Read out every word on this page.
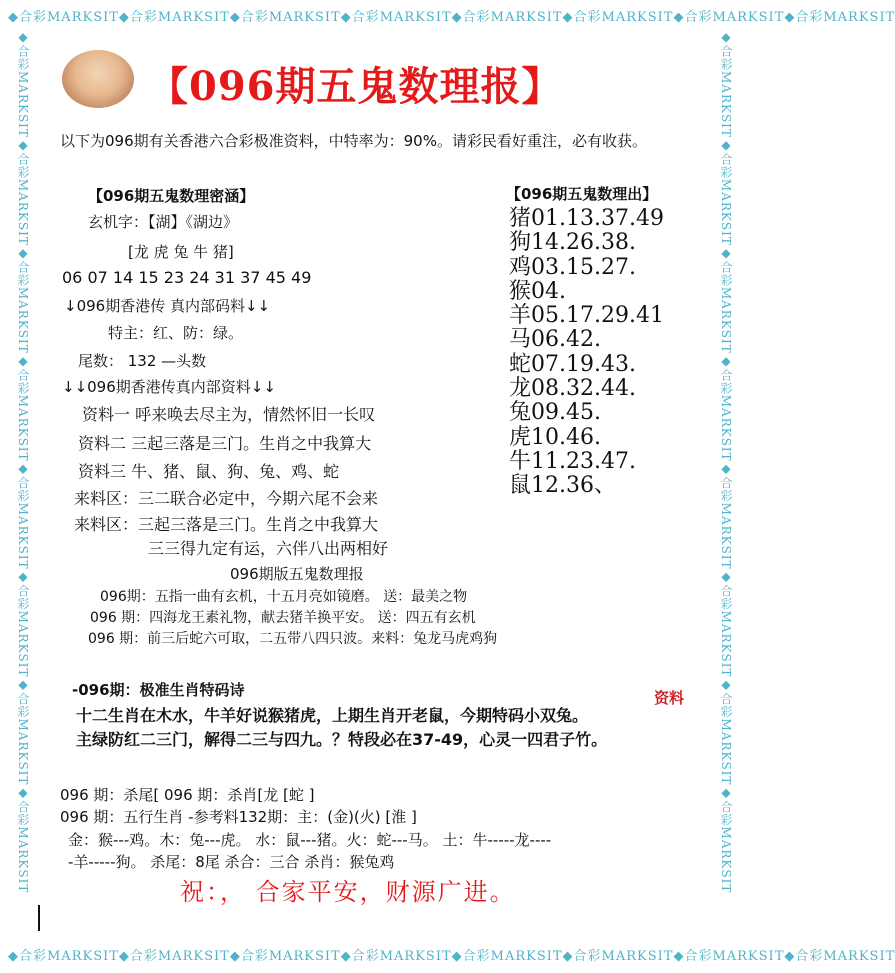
◆合彩MARKSIT◆合彩MARKSIT◆合彩MARKSIT◆合彩MARKSIT◆合彩MARKSIT◆合彩MARKSIT◆合彩MARKSIT◆合彩MARKSIT
◆合彩MARKSIT◆合彩MARKSIT◆合彩MARKSIT◆合彩MARKSIT◆合彩MARKSIT◆合彩MARKSIT◆合彩MARKSIT◆合彩MARKSIT
◆合彩MARKSIT◆合彩MARKSIT◆合彩MARKSIT◆合彩MARKSIT◆合彩MARKSIT◆合彩MARKSIT◆合彩MARKSIT◆合彩MARKSIT	◆合彩MARKSIT◆合彩MARKSIT◆合彩MARKSIT◆合彩MARKSIT◆合彩MARKSIT◆合彩MARKSIT◆合彩MARKSIT◆合彩MARKSIT
【096期五鬼数理报】
以下为096期有关香港六合彩极准资料，中特率为：90%。请彩民看好重注，必有收获。
【096期五鬼数理密涵】
玄机字：【湖】《湖边》
[龙 虎 兔 牛 猪]
06 07 14 15 23 24 31 37 45 49
↓096期香港传 真内部码料↓↓
特主：红、防：绿。
尾数： 132 —头数
↓↓096期香港传真内部资料↓↓
资料一 呼来唤去尽主为，情然怀旧一长叹
资料二 三起三落是三门。生肖之中我算大
资料三 牛、猪、鼠、狗、兔、鸡、蛇
来料区：三二联合必定中，今期六尾不会来
来料区：三起三落是三门。生肖之中我算大
三三得九定有运，六伴八出两相好
096期版五鬼数理报
【096期五鬼数理出】
猪01.13.37.49
狗14.26.38.
鸡03.15.27.
猴04.
羊05.17.29.41
马06.42.
蛇07.19.43.
龙08.32.44.
兔09.45.
虎10.46.
牛11.23.47.
鼠12.36、
096期：五指一曲有玄机，十五月亮如镜磨。 送：最美之物
096 期：四海龙王素礼物，献去猪羊换平安。 送：四五有玄机
096 期：前三后蛇六可取，二五带八四只波。来料：兔龙马虎鸡狗
-096期：极准生肖特码诗
十二生肖在木水，牛羊好说猴猪虎，上期生肖开老鼠，今期特码小双兔。
主绿防红二三门，解得二三与四九。？特段必在37-49，心灵一四君子竹。
资料
096 期：杀尾[ 096 期：杀肖[龙 [蛇 ]
096 期：五行生肖 -参考料132期：主：(金)(火) [淮 ]
金：猴---鸡。木：兔---虎。 水：鼠---猪。火：蛇---马。 土：牛-----龙----
-羊-----狗。 杀尾：8尾 杀合：三合 杀肖：猴兔鸡
祝：， 合家平安，财源广进。
